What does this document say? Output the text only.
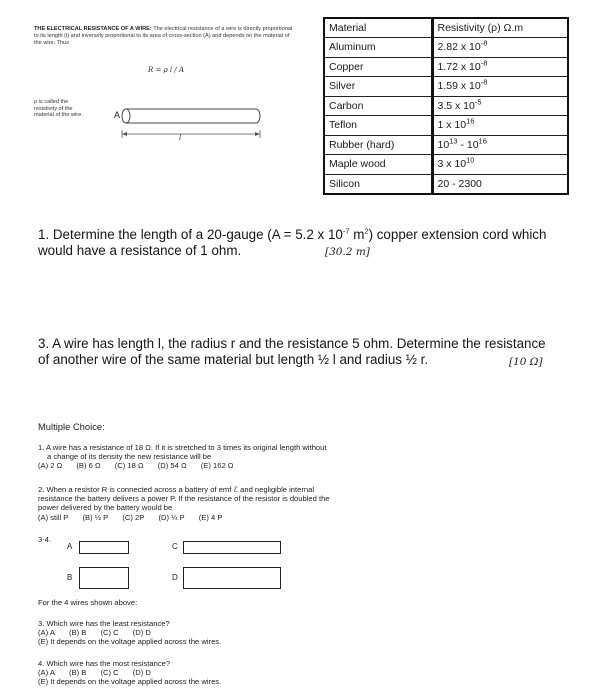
THE ELECTRICAL RESISTANCE OF A WIRE: The electrical resistance of a wire is directly proportional to its length (l) and inversely proportional to its area of cross-section (A) and depends on the material of the wire. Thus
R = ρ l / A
ρ is called the resistivity of the material of the wire.	A
l
Material	Resistivity (ρ) Ω.m
Aluminum	2.82 x $10^{-8}$
Copper	1.72 x $10^{-8}$
Silver	1.59 x $10^{-8}$
Carbon	3.5 x $10^{-5}$
Teflon	1 x $10^{16}$
Rubber (hard)	$10^{13} - 10^{16}$
Maple wood	3 x $10^{10}$
Silicon	20 - 2300
1. Determine the length of a 20-gauge (A = 5.2 x $10^{-7}$ $m^2$) copper extension cord which
would have a resistance of 1 ohm.	[30.2 m]
3. A wire has length l, the radius r and the resistance 5 ohm. Determine the resistance
of another wire of the same material but length ½ l and radius ½ r.	[10 Ω]
Multiple Choice:
1. A wire has a resistance of 18 Ω. If it is stretched to 3 times its original length without
a change of its density the new resistance will be
(A) 2 Ω (B) 6 Ω (C) 18 Ω (D) 54 Ω (E) 162 Ω
2. When a resistor R is connected across a battery of emf ℰ and negligible internal
resistance the battery delivers a power P. If the resistance of the resistor is doubled the
power delivered by the battery would be
(A) still P (B) ½ P (C) 2P (D) ¼ P (E) 4 P
3-4.
A	C
B	D
For the 4 wires shown above:
3. Which wire has the least resistance?
(A) A (B) B (C) C (D) D
(E) It depends on the voltage applied across the wires.
4. Which wire has the most resistance?
(A) A (B) B (C) C (D) D
(E) It depends on the voltage applied across the wires.
